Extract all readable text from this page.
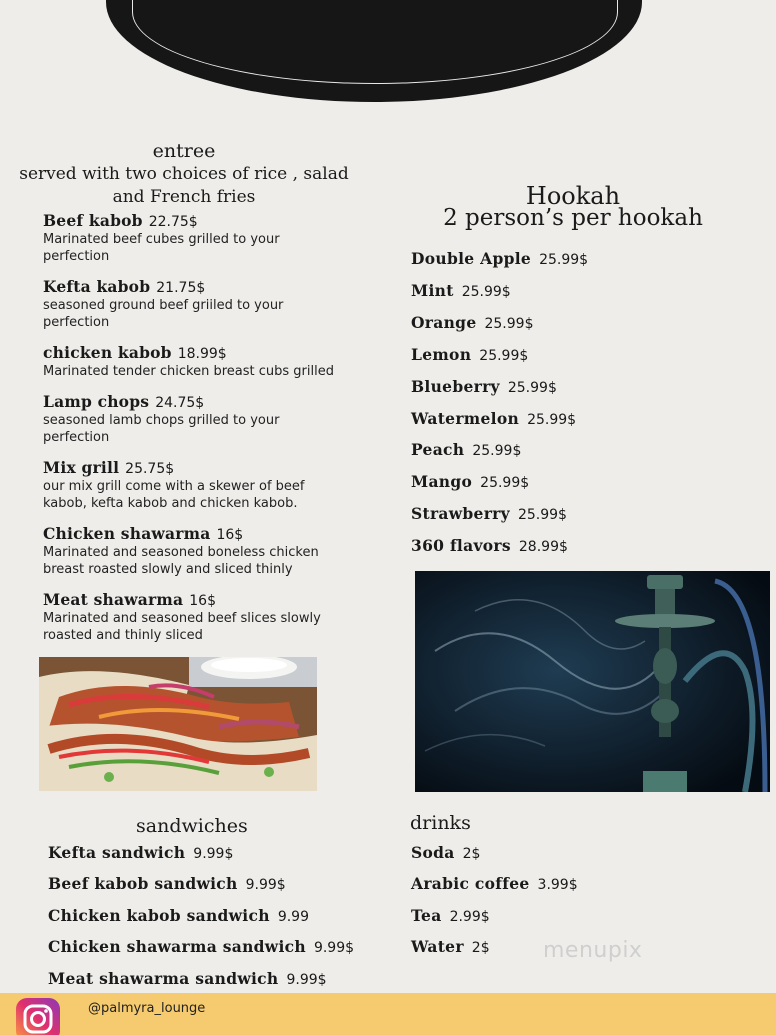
entree
served with two choices of rice , salad
and French fries
Beef kabob 22.75$
Marinated beef cubes grilled to your perfection
Kefta kabob 21.75$
seasoned ground beef griiled to your perfection
chicken kabob 18.99$
Marinated tender chicken breast cubs grilled
Lamp chops 24.75$
seasoned lamb chops grilled to your perfection
Mix grill 25.75$
our mix grill come with a skewer of beef kabob, kefta kabob and chicken kabob.
Chicken shawarma 16$
Marinated and seasoned boneless chicken breast roasted slowly and sliced thinly
Meat shawarma 16$
Marinated and seasoned beef slices slowly roasted and thinly sliced
Hookah
2 person’s per hookah
Double Apple 25.99$
Mint 25.99$
Orange 25.99$
Lemon 25.99$
Blueberry 25.99$
Watermelon 25.99$
Peach 25.99$
Mango 25.99$
Strawberry 25.99$
360 flavors 28.99$
sandwiches
Kefta sandwich 9.99$
Beef kabob sandwich 9.99$
Chicken kabob sandwich 9.99
Chicken shawarma sandwich 9.99$
Meat shawarma sandwich 9.99$
drinks
Soda 2$
Arabic coffee 3.99$
Tea 2.99$
Water 2$ menupix
@palmyra_lounge
